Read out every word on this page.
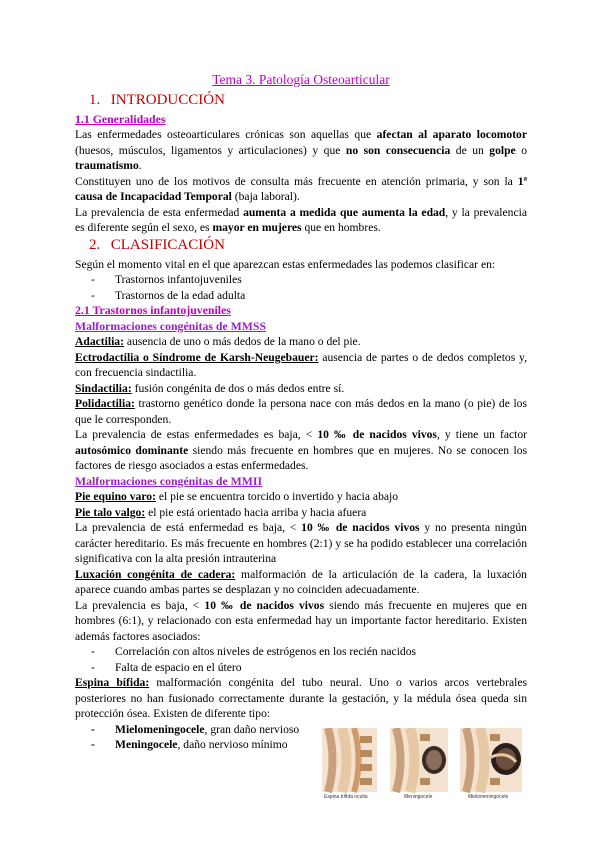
Tema 3. Patología Osteoarticular
1. INTRODUCCIÓN
1.1 Generalidades

Las enfermedades osteoarticulares crónicas son aquellas que afectan al aparato locomotor (huesos, músculos, ligamentos y articulaciones) y que no son consecuencia de un golpe o traumatismo.

Constituyen uno de los motivos de consulta más frecuente en atención primaria, y son la 1ª causa de Incapacidad Temporal (baja laboral).

La prevalencia de esta enfermedad aumenta a medida que aumenta la edad, y la prevalencia es diferente según el sexo, es mayor en mujeres que en hombres.

2. CLASIFICACIÓN

Según el momento vital en el que aparezcan estas enfermedades las podemos clasificar en:

- Trastornos infantojuveniles
- Trastornos de la edad adulta
2.1 Trastornos infantojuveniles
Malformaciones congénitas de MMSS

Adactilia: ausencia de uno o más dedos de la mano o del pie.

Ectrodactilia o Síndrome de Karsh-Neugebauer: ausencia de partes o de dedos completos y, con frecuencia sindactilia.

Sindactilia: fusión congénita de dos o más dedos entre sí.

Polidactilia: trastorno genético donde la persona nace con más dedos en la mano (o pie) de los que le corresponden.

La prevalencia de estas enfermedades es baja, < 10 ‰ de nacidos vivos, y tiene un factor autosómico dominante siendo más frecuente en hombres que en mujeres. No se conocen los factores de riesgo asociados a estas enfermedades.

Malformaciones congénitas de MMII

Pie equino varo: el pie se encuentra torcido o invertido y hacia abajo

Pie talo valgo: el pie está orientado hacia arriba y hacia afuera

La prevalencia de está enfermedad es baja, < 10 ‰ de nacidos vivos y no presenta ningún carácter hereditario. Es más frecuente en hombres (2:1) y se ha podido establecer una correlación significativa con la alta presión intrauterina

Luxación congénita de cadera: malformación de la articulación de la cadera, la luxación aparece cuando ambas partes se desplazan y no coinciden adecuadamente.

La prevalencia es baja, < 10 ‰ de nacidos vivos siendo más frecuente en mujeres que en hombres (6:1), y relacionado con esta enfermedad hay un importante factor hereditario. Existen además factores asociados:

- Correlación con altos niveles de estrógenos en los recién nacidos
- Falta de espacio en el útero

Espina bífida: malformación congénita del tubo neural. Uno o varios arcos vertebrales posteriores no han fusionado correctamente durante la gestación, y la médula ósea queda sin protección ósea. Existen de diferente tipo:

- Mielomeningocele, gran daño nervioso
- Meningocele, daño nervioso mínimo
Espina bífida oculta	Meningocele	Mielomeningocele
